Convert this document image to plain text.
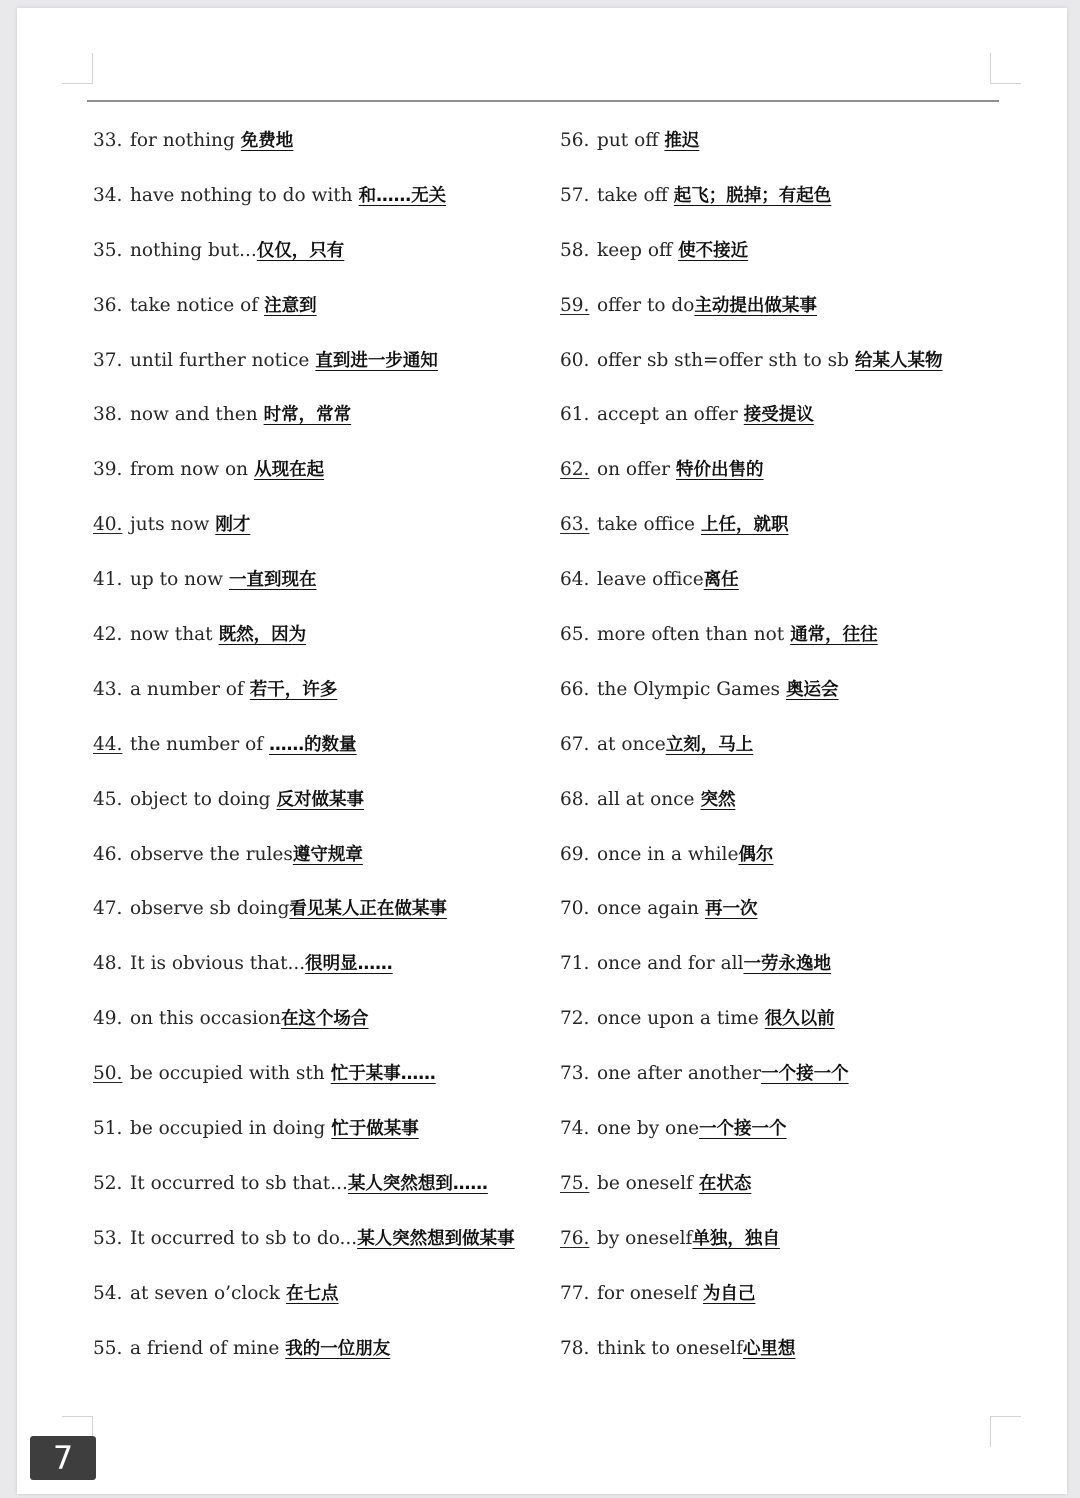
33. for nothing 免费地
34. have nothing to do with 和……无关
35. nothing but...仅仅，只有
36. take notice of 注意到
37. until further notice 直到进一步通知
38. now and then 时常，常常
39. from now on 从现在起
40. juts now 刚才
41. up to now 一直到现在
42. now that 既然，因为
43. a number of 若干，许多
44. the number of ……的数量
45. object to doing 反对做某事
46. observe the rules遵守规章
47. observe sb doing看见某人正在做某事
48. It is obvious that...很明显……
49. on this occasion在这个场合
50. be occupied with sth 忙于某事……
51. be occupied in doing 忙于做某事
52. It occurred to sb that...某人突然想到……
53. It occurred to sb to do...某人突然想到做某事
54. at seven o’clock 在七点
55. a friend of mine 我的一位朋友
56. put off 推迟
57. take off 起飞；脱掉；有起色
58. keep off 使不接近
59. offer to do主动提出做某事
60. offer sb sth=offer sth to sb 给某人某物
61. accept an offer 接受提议
62. on offer 特价出售的
63. take office 上任，就职
64. leave office离任
65. more often than not 通常，往往
66. the Olympic Games 奥运会
67. at once立刻，马上
68. all at once 突然
69. once in a while偶尔
70. once again 再一次
71. once and for all一劳永逸地
72. once upon a time 很久以前
73. one after another一个接一个
74. one by one一个接一个
75. be oneself 在状态
76. by oneself单独，独自
77. for oneself 为自己
78. think to oneself心里想
7
